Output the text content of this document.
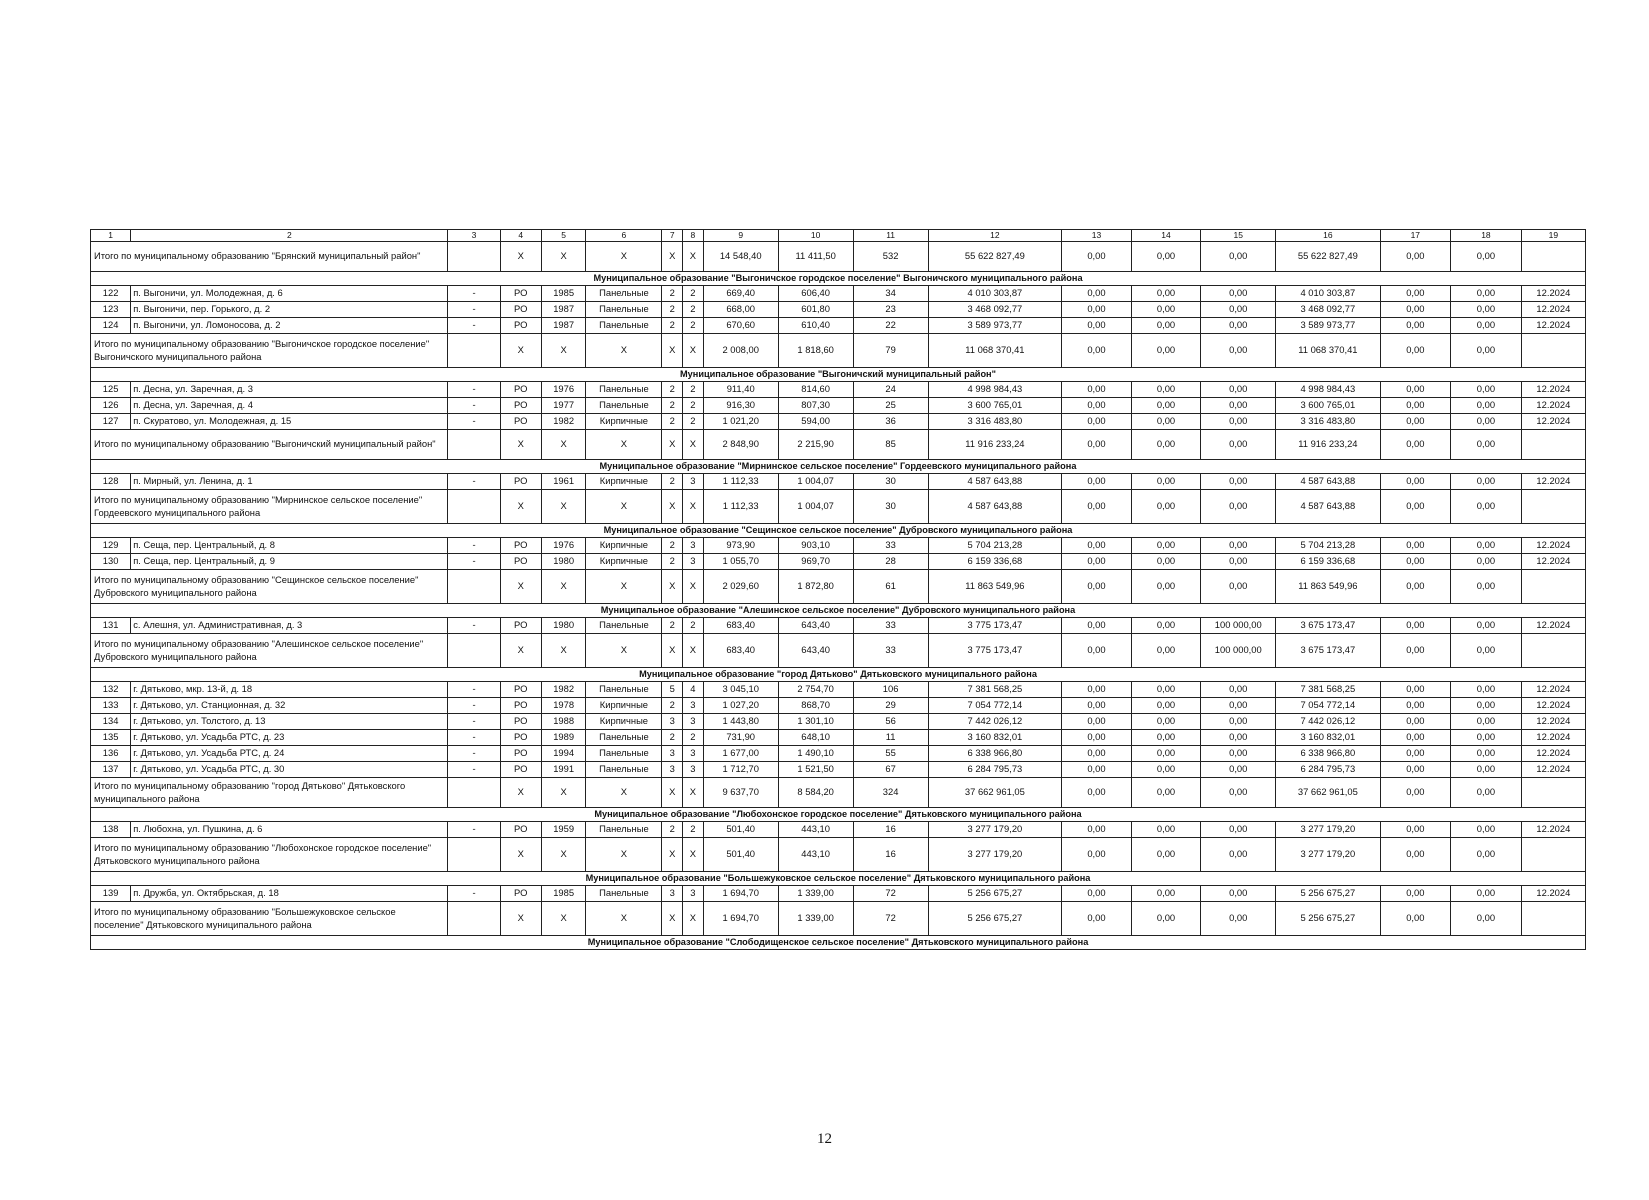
1	2	3	4	5	6	7	8	9	10	11	12	13	14	15	16	17	18	19
Итого по муниципальному образованию "Брянский муниципальный район"			X	X	X	X	X	14 548,40	11 411,50	532	55 622 827,49	0,00	0,00	0,00	55 622 827,49	0,00	0,00	
Муниципальное образование "Выгоничское городское поселение" Выгоничского муниципального района																		
122	п. Выгоничи, ул. Молодежная, д. 6	-	РО	1985	Панельные	2	2	669,40	606,40	34	4 010 303,87	0,00	0,00	0,00	4 010 303,87	0,00	0,00	12.2024
123	п. Выгоничи, пер. Горького, д. 2	-	РО	1987	Панельные	2	2	668,00	601,80	23	3 468 092,77	0,00	0,00	0,00	3 468 092,77	0,00	0,00	12.2024
124	п. Выгоничи, ул. Ломоносова, д. 2	-	РО	1987	Панельные	2	2	670,60	610,40	22	3 589 973,77	0,00	0,00	0,00	3 589 973,77	0,00	0,00	12.2024
Итого по муниципальному образованию "Выгоничское городское поселение" Выгоничского муниципального района			X	X	X	X	X	2 008,00	1 818,60	79	11 068 370,41	0,00	0,00	0,00	11 068 370,41	0,00	0,00	
Муниципальное образование "Выгоничский муниципальный район"																		
125	п. Десна, ул. Заречная, д. 3	-	РО	1976	Панельные	2	2	911,40	814,60	24	4 998 984,43	0,00	0,00	0,00	4 998 984,43	0,00	0,00	12.2024
126	п. Десна, ул. Заречная, д. 4	-	РО	1977	Панельные	2	2	916,30	807,30	25	3 600 765,01	0,00	0,00	0,00	3 600 765,01	0,00	0,00	12.2024
127	п. Скуратово, ул. Молодежная, д. 15	-	РО	1982	Кирпичные	2	2	1 021,20	594,00	36	3 316 483,80	0,00	0,00	0,00	3 316 483,80	0,00	0,00	12.2024
Итого по муниципальному образованию "Выгоничский муниципальный район"			X	X	X	X	X	2 848,90	2 215,90	85	11 916 233,24	0,00	0,00	0,00	11 916 233,24	0,00	0,00	
Муниципальное образование "Мирнинское сельское поселение" Гордеевского муниципального района																		
128	п. Мирный, ул. Ленина, д. 1	-	РО	1961	Кирпичные	2	3	1 112,33	1 004,07	30	4 587 643,88	0,00	0,00	0,00	4 587 643,88	0,00	0,00	12.2024
Итого по муниципальному образованию "Мирнинское сельское поселение" Гордеевского муниципального района			X	X	X	X	X	1 112,33	1 004,07	30	4 587 643,88	0,00	0,00	0,00	4 587 643,88	0,00	0,00	
Муниципальное образование "Сещинское сельское поселение" Дубровского муниципального района																		
129	п. Сеща, пер. Центральный, д. 8	-	РО	1976	Кирпичные	2	3	973,90	903,10	33	5 704 213,28	0,00	0,00	0,00	5 704 213,28	0,00	0,00	12.2024
130	п. Сеща, пер. Центральный, д. 9	-	РО	1980	Кирпичные	2	3	1 055,70	969,70	28	6 159 336,68	0,00	0,00	0,00	6 159 336,68	0,00	0,00	12.2024
Итого по муниципальному образованию "Сещинское сельское поселение" Дубровского муниципального района			X	X	X	X	X	2 029,60	1 872,80	61	11 863 549,96	0,00	0,00	0,00	11 863 549,96	0,00	0,00	
Муниципальное образование "Алешинское сельское поселение" Дубровского муниципального района																		
131	с. Алешня, ул. Административная, д. 3	-	РО	1980	Панельные	2	2	683,40	643,40	33	3 775 173,47	0,00	0,00	100 000,00	3 675 173,47	0,00	0,00	12.2024
Итого по муниципальному образованию "Алешинское сельское поселение" Дубровского муниципального района			X	X	X	X	X	683,40	643,40	33	3 775 173,47	0,00	0,00	100 000,00	3 675 173,47	0,00	0,00	
Муниципальное образование "город Дятьково" Дятьковского муниципального района																		
132	г. Дятьково, мкр. 13-й, д. 18	-	РО	1982	Панельные	5	4	3 045,10	2 754,70	106	7 381 568,25	0,00	0,00	0,00	7 381 568,25	0,00	0,00	12.2024
133	г. Дятьково, ул. Станционная, д. 32	-	РО	1978	Кирпичные	2	3	1 027,20	868,70	29	7 054 772,14	0,00	0,00	0,00	7 054 772,14	0,00	0,00	12.2024
134	г. Дятьково, ул. Толстого, д. 13	-	РО	1988	Кирпичные	3	3	1 443,80	1 301,10	56	7 442 026,12	0,00	0,00	0,00	7 442 026,12	0,00	0,00	12.2024
135	г. Дятьково, ул. Усадьба РТС, д. 23	-	РО	1989	Панельные	2	2	731,90	648,10	11	3 160 832,01	0,00	0,00	0,00	3 160 832,01	0,00	0,00	12.2024
136	г. Дятьково, ул. Усадьба РТС, д. 24	-	РО	1994	Панельные	3	3	1 677,00	1 490,10	55	6 338 966,80	0,00	0,00	0,00	6 338 966,80	0,00	0,00	12.2024
137	г. Дятьково, ул. Усадьба РТС, д. 30	-	РО	1991	Панельные	3	3	1 712,70	1 521,50	67	6 284 795,73	0,00	0,00	0,00	6 284 795,73	0,00	0,00	12.2024
Итого по муниципальному образованию "город Дятьково" Дятьковского муниципального района			X	X	X	X	X	9 637,70	8 584,20	324	37 662 961,05	0,00	0,00	0,00	37 662 961,05	0,00	0,00	
Муниципальное образование "Любохонское городское поселение" Дятьковского муниципального района																		
138	п. Любохна, ул. Пушкина, д. 6	-	РО	1959	Панельные	2	2	501,40	443,10	16	3 277 179,20	0,00	0,00	0,00	3 277 179,20	0,00	0,00	12.2024
Итого по муниципальному образованию "Любохонское городское поселение" Дятьковского муниципального района			X	X	X	X	X	501,40	443,10	16	3 277 179,20	0,00	0,00	0,00	3 277 179,20	0,00	0,00	
Муниципальное образование "Большежуковское сельское поселение" Дятьковского муниципального района																		
139	п. Дружба, ул. Октябрьская, д. 18	-	РО	1985	Панельные	3	3	1 694,70	1 339,00	72	5 256 675,27	0,00	0,00	0,00	5 256 675,27	0,00	0,00	12.2024
Итого по муниципальному образованию "Большежуковское сельское поселение" Дятьковского муниципального района			X	X	X	X	X	1 694,70	1 339,00	72	5 256 675,27	0,00	0,00	0,00	5 256 675,27	0,00	0,00	
Муниципальное образование "Слободищенское сельское поселение" Дятьковского муниципального района																		
12
